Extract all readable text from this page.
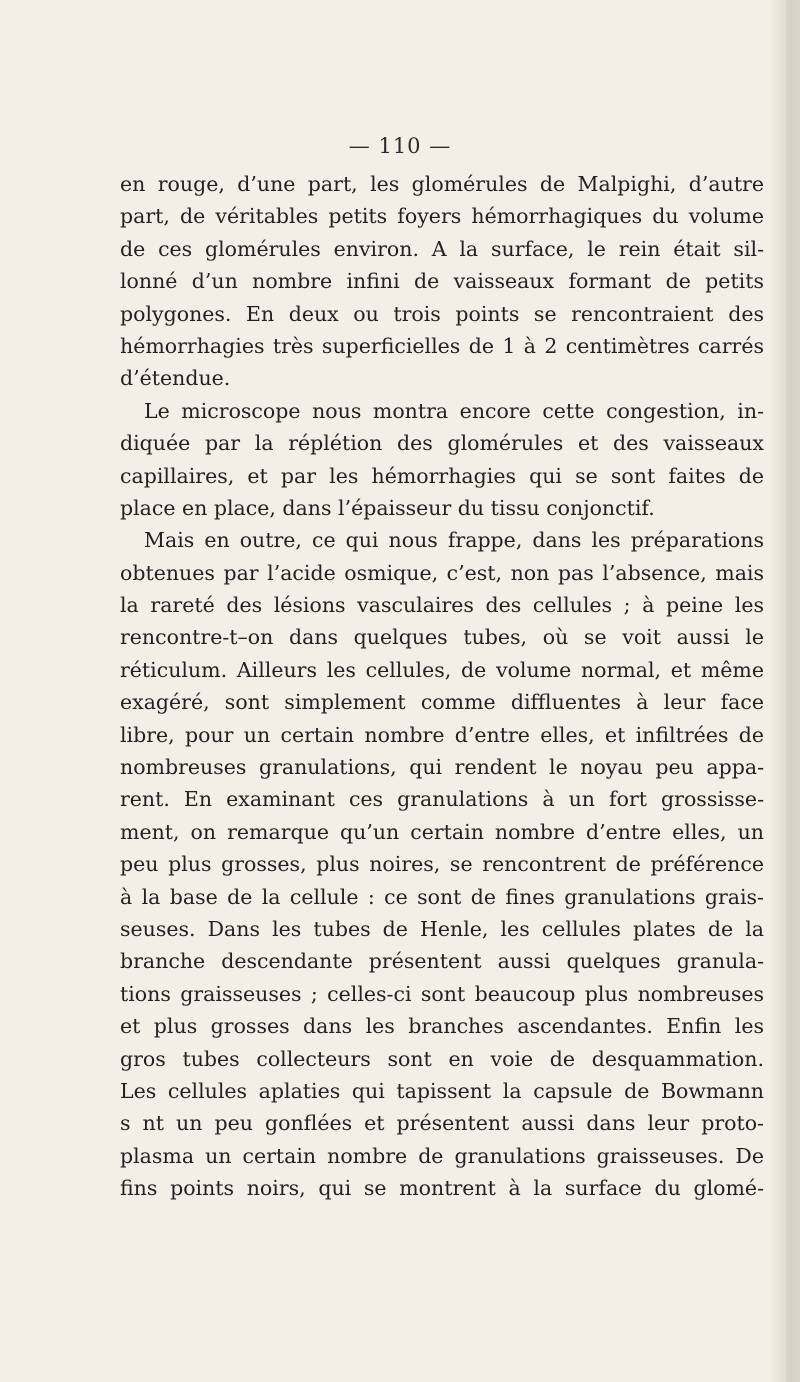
— 110 —
en rouge, d’une part, les glomérules de Malpighi, d’autre
part, de véritables petits foyers hémorrhagiques du volume
de ces glomérules environ. A la surface, le rein était sil-
lonné d’un nombre infini de vaisseaux formant de petits
polygones. En deux ou trois points se rencontraient des
hémorrhagies très superficielles de 1 à 2 centimètres carrés
d’étendue.
Le microscope nous montra encore cette congestion, in-
diquée par la réplétion des glomérules et des vaisseaux
capillaires, et par les hémorrhagies qui se sont faites de
place en place, dans l’épaisseur du tissu conjonctif.
Mais en outre, ce qui nous frappe, dans les préparations
obtenues par l’acide osmique, c’est, non pas l’absence, mais
la rareté des lésions vasculaires des cellules ; à peine les
rencontre-t–on dans quelques tubes, où se voit aussi le
réticulum. Ailleurs les cellules, de volume normal, et même
exagéré, sont simplement comme diffluentes à leur face
libre, pour un certain nombre d’entre elles, et infiltrées de
nombreuses granulations, qui rendent le noyau peu appa-
rent. En examinant ces granulations à un fort grossisse-
ment, on remarque qu’un certain nombre d’entre elles, un
peu plus grosses, plus noires, se rencontrent de préférence
à la base de la cellule : ce sont de fines granulations grais-
seuses. Dans les tubes de Henle, les cellules plates de la
branche descendante présentent aussi quelques granula-
tions graisseuses ; celles-ci sont beaucoup plus nombreuses
et plus grosses dans les branches ascendantes. Enfin les
gros tubes collecteurs sont en voie de desquammation.
Les cellules aplaties qui tapissent la capsule de Bowmann
s nt un peu gonflées et présentent aussi dans leur proto-
plasma un certain nombre de granulations graisseuses. De
fins points noirs, qui se montrent à la surface du glomé-
